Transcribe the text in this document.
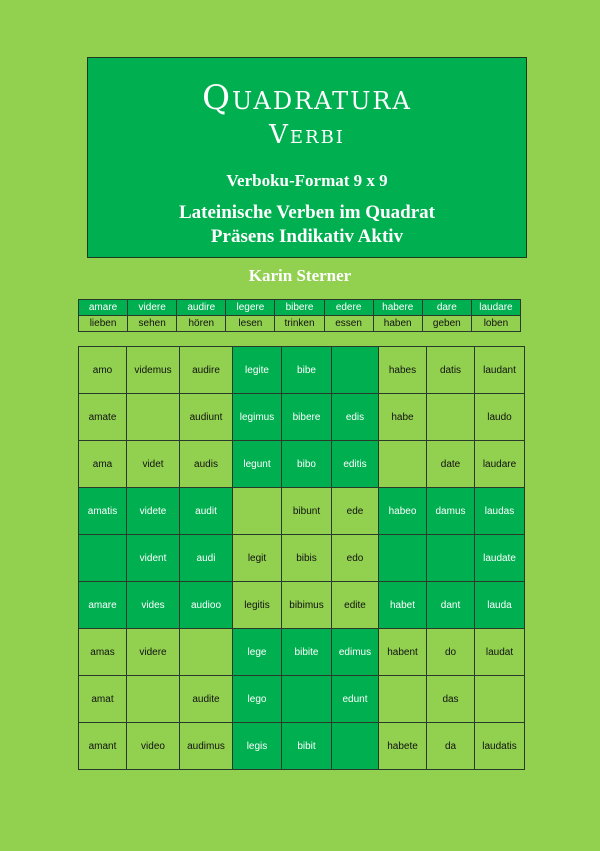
Quadratura
Verbi
Verboku-Format 9 x 9
Lateinische Verben im Quadrat
Präsens Indikativ Aktiv
Karin Sterner
amare	videre	audire	legere	bibere	edere	habere	dare	laudare
lieben	sehen	hören	lesen	trinken	essen	haben	geben	loben
amo	videmus	audire	legite	bibe		habes	datis	laudant
amate		audiunt	legimus	bibere	edis	habe		laudo
ama	videt	audis	legunt	bibo	editis		date	laudare
amatis	videte	audit		bibunt	ede	habeo	damus	laudas
	vident	audi	legit	bibis	edo			laudate
amare	vides	audioo	legitis	bibimus	edite	habet	dant	lauda
amas	videre		lege	bibite	edimus	habent	do	laudat
amat		audite	lego		edunt		das	
amant	video	audimus	legis	bibit		habete	da	laudatis
